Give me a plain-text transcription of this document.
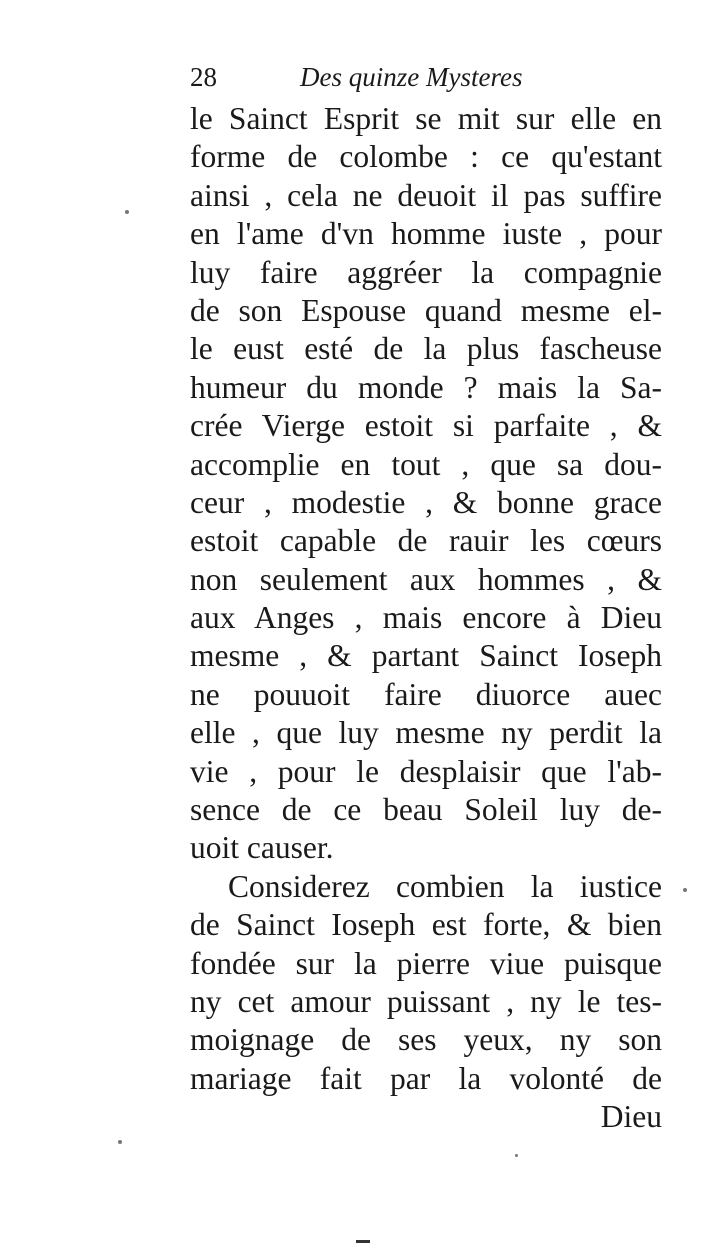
28	Des quinze Mysteres
le Sainct Esprit se mit sur elle en
forme de colombe : ce qu'estant
ainsi , cela ne deuoit il pas suffire
en l'ame d'vn homme iuste , pour
luy faire aggréer la compagnie
de son Espouse quand mesme el-
le eust esté de la plus fascheuse
humeur du monde ? mais la Sa-
crée Vierge estoit si parfaite , &
accomplie en tout , que sa dou-
ceur , modestie , & bonne grace
estoit capable de rauir les cœurs
non seulement aux hommes , &
aux Anges , mais encore à Dieu
mesme , & partant Sainct Ioseph
ne pouuoit faire diuorce auec
elle , que luy mesme ny perdit la
vie , pour le desplaisir que l'ab-
sence de ce beau Soleil luy de-
uoit causer.
Considerez combien la iustice
de Sainct Ioseph est forte, & bien
fondée sur la pierre viue puisque
ny cet amour puissant , ny le tes-
moignage de ses yeux, ny son
mariage fait par la volonté de
Dieu
